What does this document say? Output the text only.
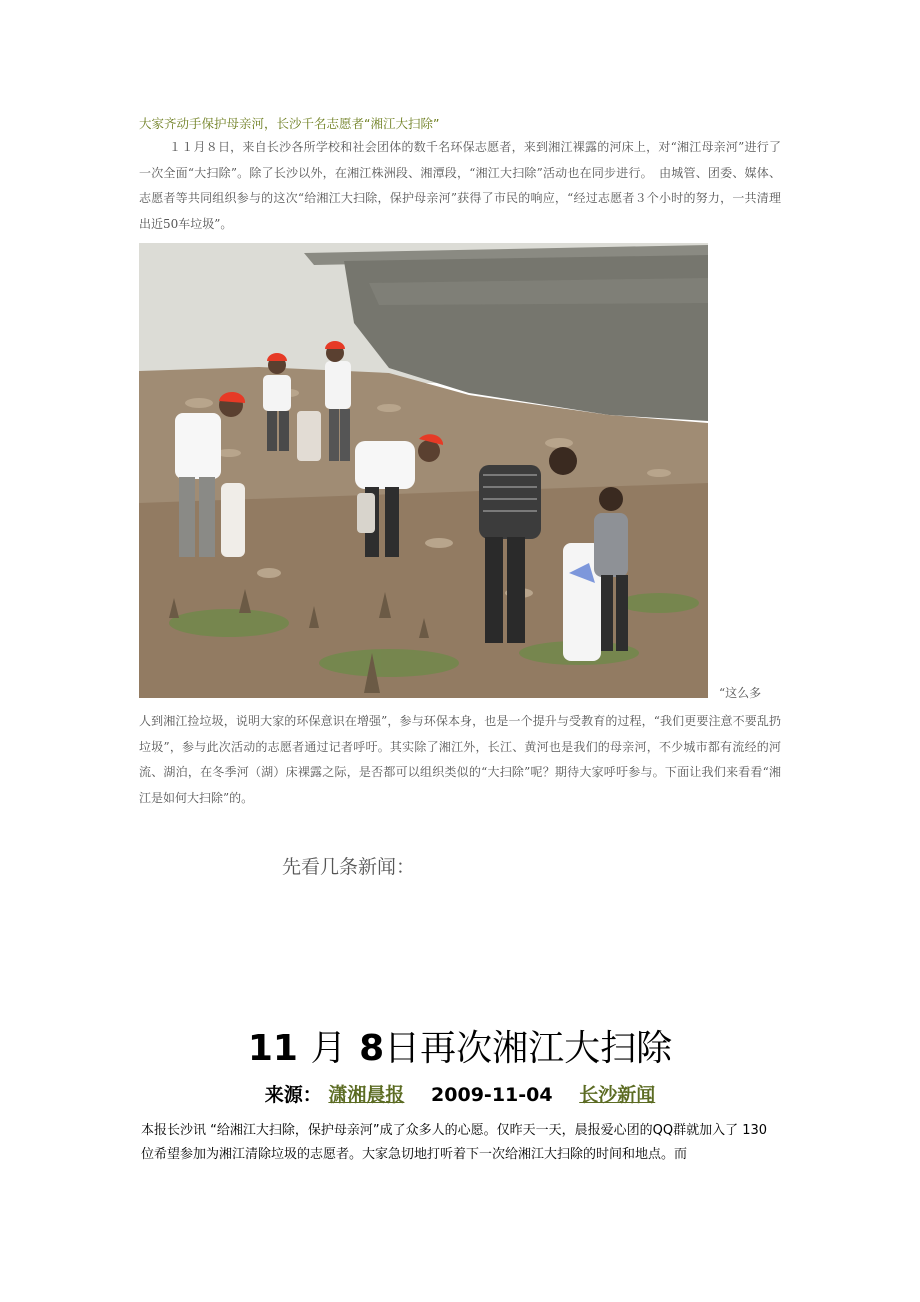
大家齐动手保护母亲河，长沙千名志愿者“湘江大扫除”
１１月８日，来自长沙各所学校和社会团体的数千名环保志愿者，来到湘江裸露的河床上，对“湘江母亲河”进行了一次全面“大扫除”。除了长沙以外，在湘江株洲段、湘潭段，“湘江大扫除”活动也在同步进行。　由城管、团委、媒体、志愿者等共同组织参与的这次“给湘江大扫除，保护母亲河”获得了市民的响应，“经过志愿者３个小时的努力，一共清理出近50车垃圾”。
“这么多
人到湘江捡垃圾，说明大家的环保意识在增强”，参与环保本身，也是一个提升与受教育的过程，“我们更要注意不要乱扔垃圾”，参与此次活动的志愿者通过记者呼吁。其实除了湘江外，长江、黄河也是我们的母亲河，不少城市都有流经的河流、湖泊，在冬季河（湖）床裸露之际，是否都可以组织类似的“大扫除”呢？期待大家呼吁参与。下面让我们来看看“湘江是如何大扫除”的。
先看几条新闻：
11 月 8日再次湘江大扫除
来源： 潇湘晨报 2009-11-04 长沙新闻
本报长沙讯 “给湘江大扫除，保护母亲河”成了众多人的心愿。仅昨天一天，晨报爱心团的QQ群就加入了 130 位希望参加为湘江清除垃圾的志愿者。大家急切地打听着下一次给湘江大扫除的时间和地点。而
